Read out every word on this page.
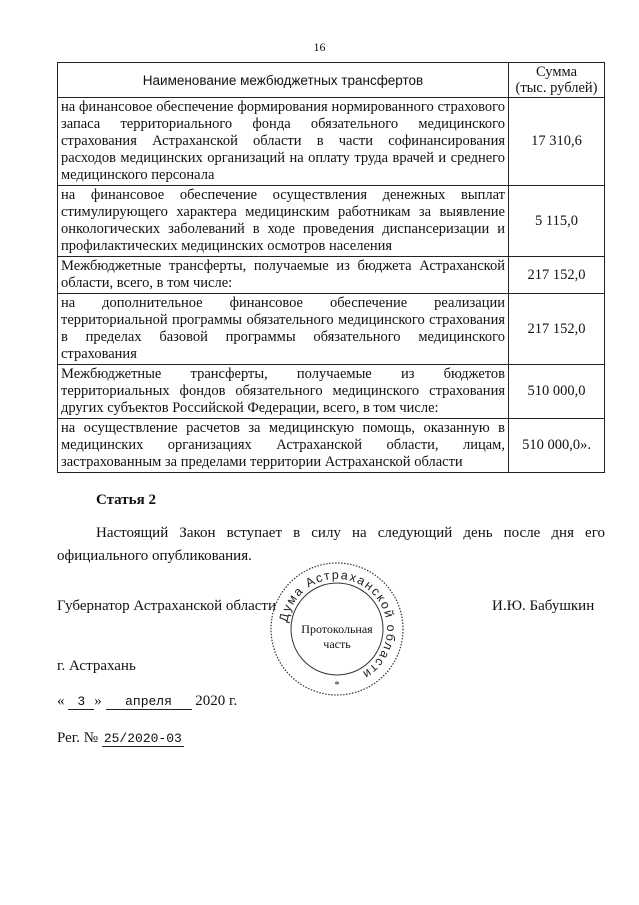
16
Наименование межбюджетных трансфертов	Сумма
(тыс. рублей)
на финансовое обеспечение формирования нормированного страхового запаса территориального фонда обязательного медицинского страхования Астраханской области в части софинансирования расходов медицинских организаций на оплату труда врачей и среднего медицинского персонала	17 310,6
на финансовое обеспечение осуществления денежных выплат стимулирующего характера медицинским работникам за выявление онкологических заболеваний в ходе проведения диспансеризации и профилактических медицинских осмотров населения	5 115,0
Межбюджетные трансферты, получаемые из бюджета Астраханской области, всего, в том числе:	217 152,0
на дополнительное финансовое обеспечение реализации территориальной программы обязательного медицинского страхования в пределах базовой программы обязательного медицинского страхования	217 152,0
Межбюджетные трансферты, получаемые из бюджетов территориальных фондов обязательного медицинского страхования других субъектов Российской Федерации, всего, в том числе:	510 000,0
на осуществление расчетов за медицинскую помощь, оказанную в медицинских организациях Астраханской области, лицам, застрахованным за пределами территории Астраханской области	510 000,0».
Статья 2
Настоящий Закон вступает в силу на следующий день после дня его официального опубликования.
Губернатор Астраханской области	И.Ю. Бабушкин
Дума Астраханской области
*
Протокольная
часть
г. Астрахань
« 3 » апреля 2020 г.
Рег. № 25/2020-03
